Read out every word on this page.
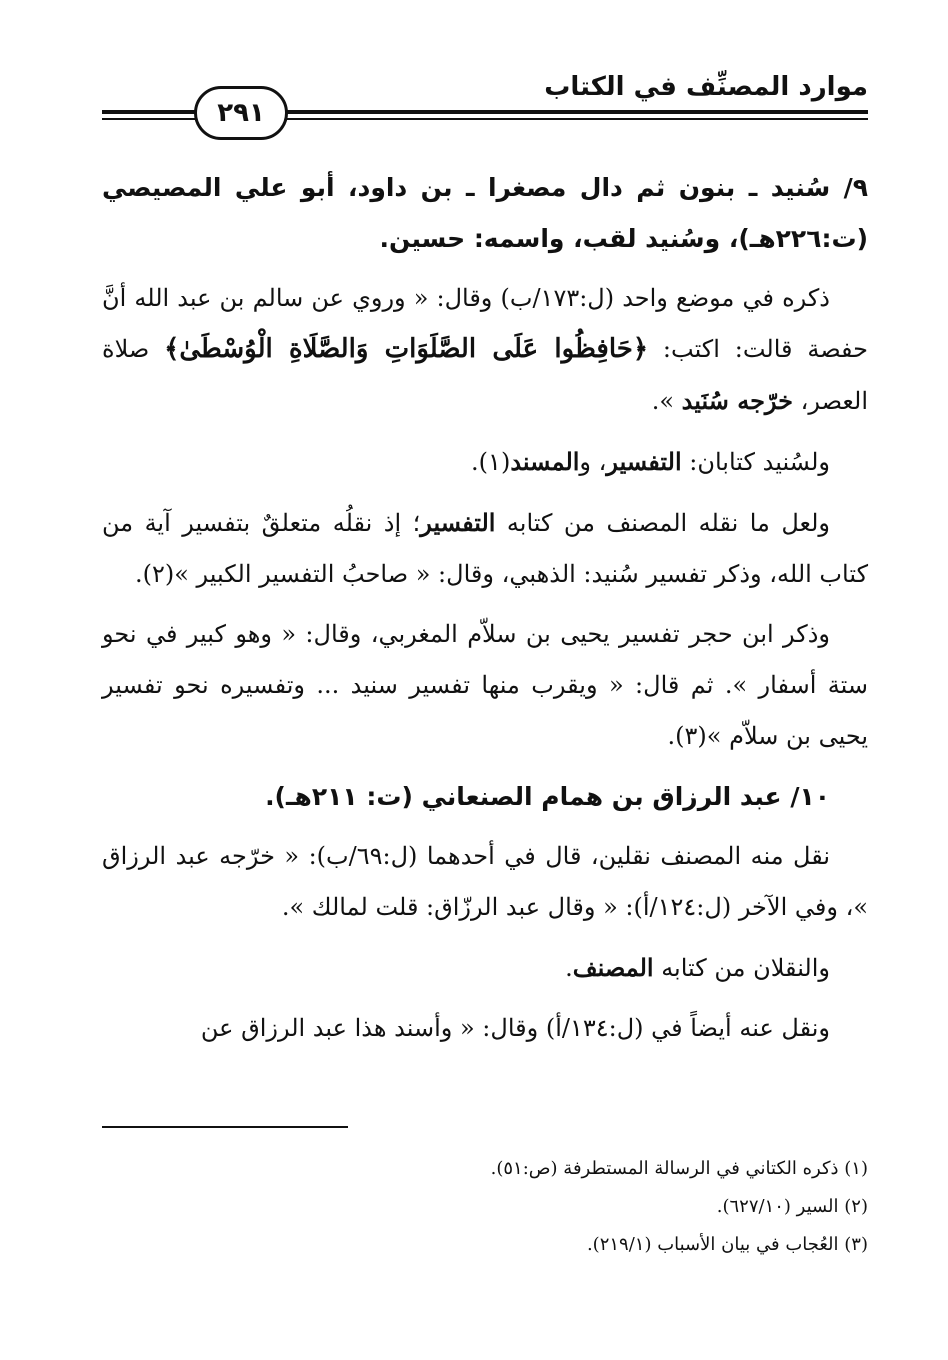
موارد المصنِّف في الكتاب
٢٩١

٩/ سُنيد ـ بنون ثم دال مصغرا ـ بن داود، أبو علي المصيصي (ت:٢٢٦هـ)، وسُنيد لقب، واسمه: حسين.

ذكره في موضع واحد (ل:١٧٣/ب) وقال: « وروي عن سالم بن عبد الله أنَّ حفصة قالت: اكتب: ﴿حَافِظُوا عَلَى الصَّلَوَاتِ وَالصَّلَاةِ الْوُسْطَىٰ﴾ صلاة العصر، خرّجه سُنَيد ».

ولسُنيد كتابان: التفسير، والمسند(١).

ولعل ما نقله المصنف من كتابه التفسير؛ إذ نقلُه متعلقٌ بتفسير آية من كتاب الله، وذكر تفسير سُنيد: الذهبي، وقال: « صاحبُ التفسير الكبير »(٢).

وذكر ابن حجر تفسير يحيى بن سلاّم المغربي، وقال: « وهو كبير في نحو ستة أسفار ». ثم قال: « ويقرب منها تفسير سنيد ... وتفسيره نحو تفسير يحيى بن سلاّم »(٣).

١٠/ عبد الرزاق بن همام الصنعاني (ت: ٢١١هـ).

نقل منه المصنف نقلين، قال في أحدهما (ل:٦٩/ب): « خرّجه عبد الرزاق »، وفي الآخر (ل:١٢٤/أ): « وقال عبد الرزّاق: قلت لمالك ».

والنقلان من كتابه المصنف.

ونقل عنه أيضاً في (ل:١٣٤/أ) وقال: « وأسند هذا عبد الرزاق عن

(١) ذكره الكتاني في الرسالة المستطرفة (ص:٥١).

(٢) السير (٦٢٧/١٠).

(٣) العُجاب في بيان الأسباب (٢١٩/١).
